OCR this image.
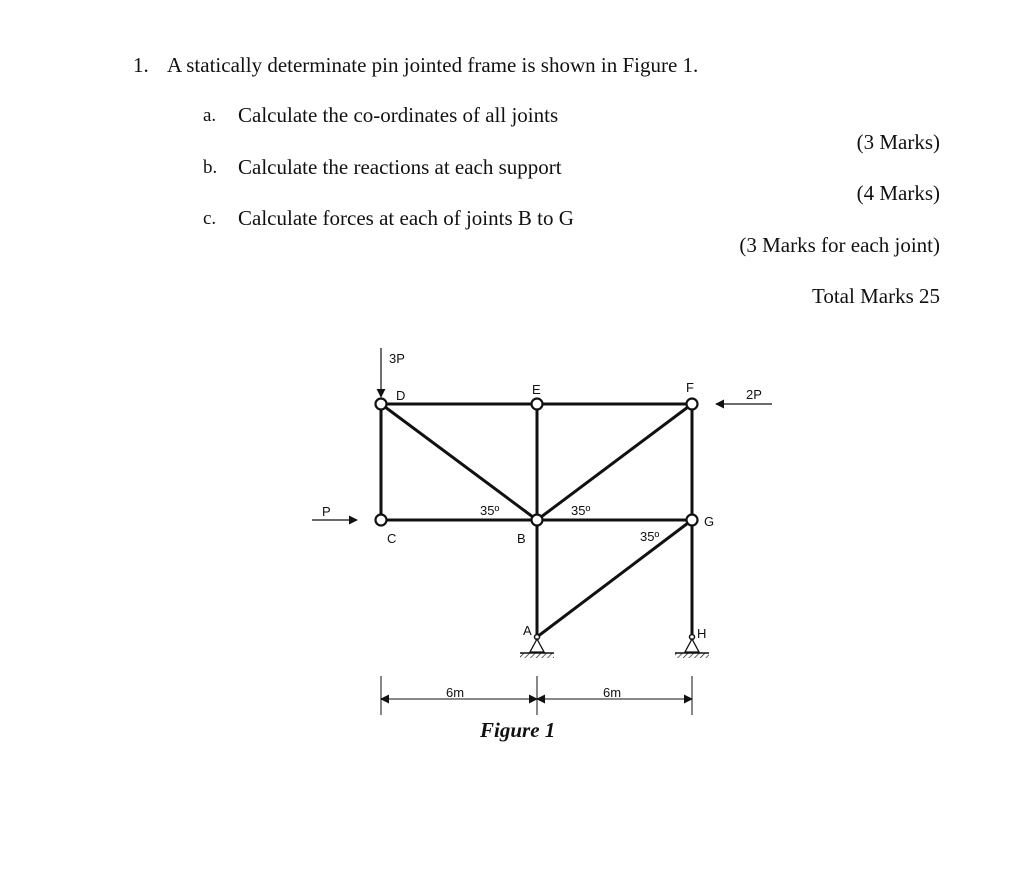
1. A statically determinate pin jointed frame is shown in Figure 1.
a. Calculate the co-ordinates of all joints
(3 Marks)
b. Calculate the reactions at each support
(4 Marks)
c. Calculate forces at each of joints B to G
(3 Marks for each joint)
Total Marks 25
3P
2P
P
D	E	F
C	B
G
A	H
35º	35º
35º
6m	6m
Figure 1
